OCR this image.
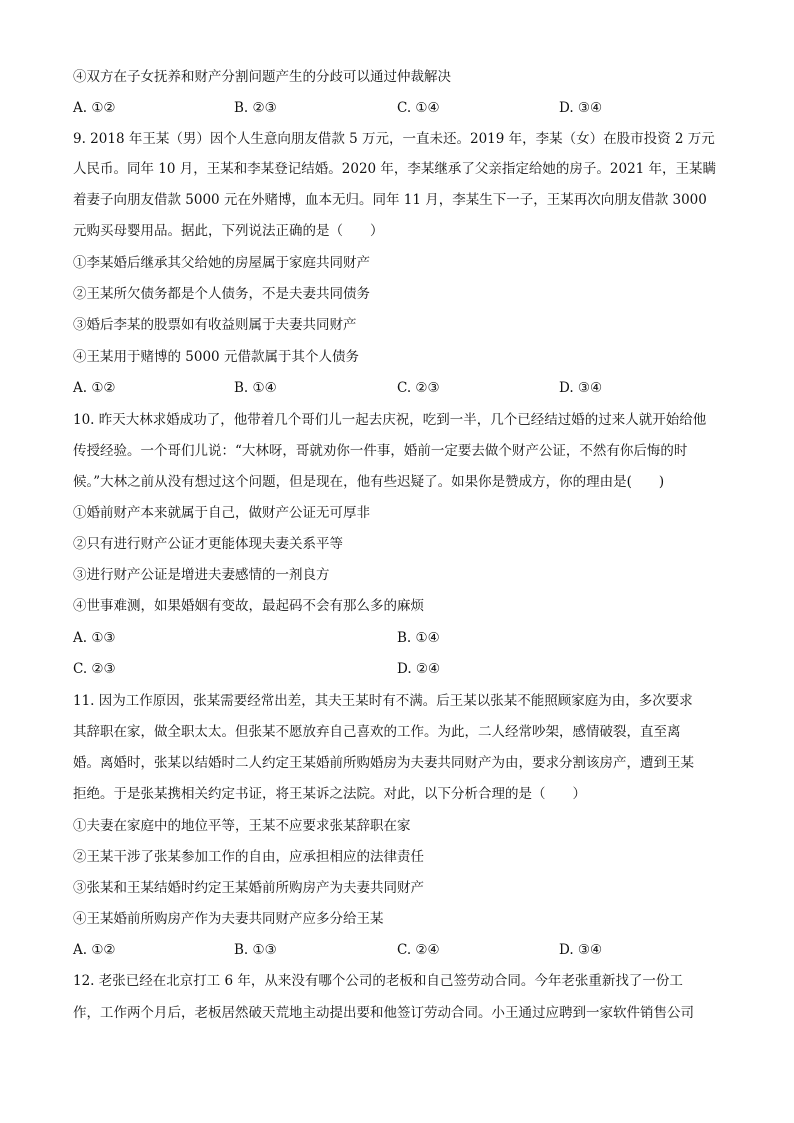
④双方在子女抚养和财产分割问题产生的分歧可以通过仲裁解决
A. ①②	B. ②③	C. ①④	D. ③④
9. 2018 年王某（男）因个人生意向朋友借款 5 万元，一直未还。2019 年，李某（女）在股市投资 2 万元
人民币。同年 10 月，王某和李某登记结婚。2020 年，李某继承了父亲指定给她的房子。2021 年，王某瞒
着妻子向朋友借款 5000 元在外赌博，血本无归。同年 11 月，李某生下一子，王某再次向朋友借款 3000
元购买母婴用品。据此，下列说法正确的是（　　）
①李某婚后继承其父给她的房屋属于家庭共同财产
②王某所欠债务都是个人债务，不是夫妻共同债务
③婚后李某的股票如有收益则属于夫妻共同财产
④王某用于赌博的 5000 元借款属于其个人债务
A. ①②	B. ①④	C. ②③	D. ③④
10. 昨天大林求婚成功了，他带着几个哥们儿一起去庆祝，吃到一半，几个已经结过婚的过来人就开始给他
传授经验。一个哥们儿说：“大林呀，哥就劝你一件事，婚前一定要去做个财产公证，不然有你后悔的时
候。”大林之前从没有想过这个问题，但是现在，他有些迟疑了。如果你是赞成方，你的理由是(　　)
①婚前财产本来就属于自己，做财产公证无可厚非
②只有进行财产公证才更能体现夫妻关系平等
③进行财产公证是增进夫妻感情的一剂良方
④世事难测，如果婚姻有变故，最起码不会有那么多的麻烦
A. ①③	B. ①④
C. ②③	D. ②④
11. 因为工作原因，张某需要经常出差，其夫王某时有不满。后王某以张某不能照顾家庭为由，多次要求
其辞职在家，做全职太太。但张某不愿放弃自己喜欢的工作。为此，二人经常吵架，感情破裂，直至离
婚。离婚时，张某以结婚时二人约定王某婚前所购婚房为夫妻共同财产为由，要求分割该房产，遭到王某
拒绝。于是张某携相关约定书证，将王某诉之法院。对此，以下分析合理的是（　　）
①夫妻在家庭中的地位平等，王某不应要求张某辞职在家
②王某干涉了张某参加工作的自由，应承担相应的法律责任
③张某和王某结婚时约定王某婚前所购房产为夫妻共同财产
④王某婚前所购房产作为夫妻共同财产应多分给王某
A. ①②	B. ①③	C. ②④	D. ③④
12. 老张已经在北京打工 6 年，从来没有哪个公司的老板和自己签劳动合同。今年老张重新找了一份工
作，工作两个月后，老板居然破天荒地主动提出要和他签订劳动合同。小王通过应聘到一家软件销售公司
